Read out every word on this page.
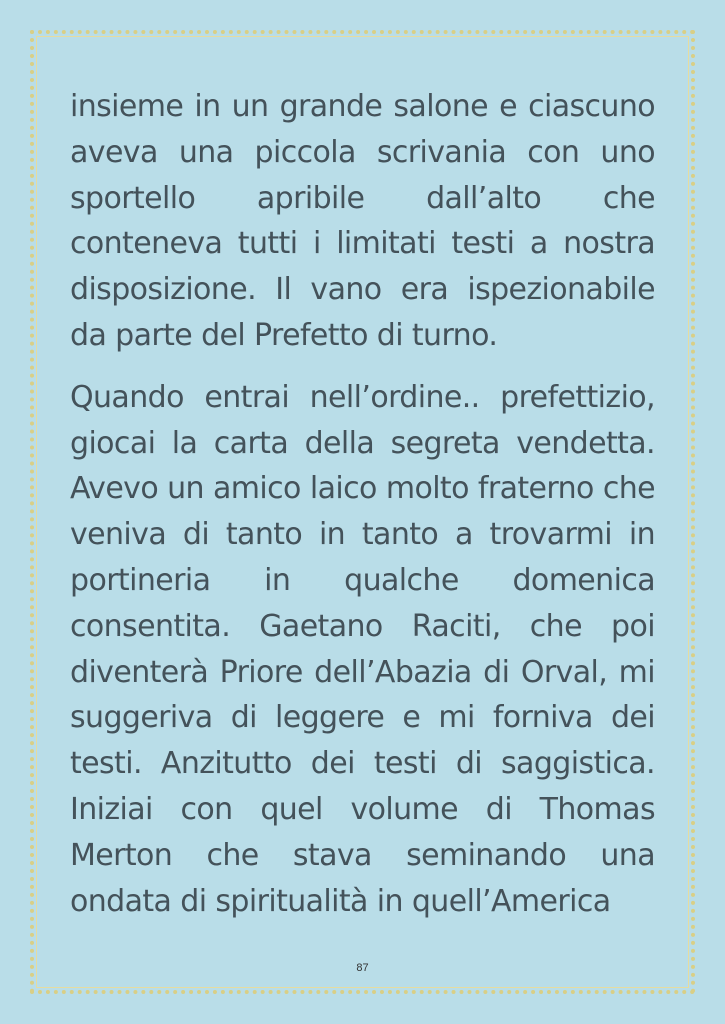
insieme in un grande salone e ciascuno aveva una piccola scrivania con uno sportello apribile dall’alto che conteneva tutti i limitati testi a nostra disposizione. Il vano era ispezionabile da parte del Prefetto di turno.

Quando entrai nell’ordine.. prefettizio, giocai la carta della segreta vendetta. Avevo un amico laico molto fraterno che veniva di tanto in tanto a trovarmi in portineria in qualche domenica consentita. Gaetano Raciti, che poi diventerà Priore dell’Abazia di Orval, mi suggeriva di leggere e mi forniva dei testi. Anzitutto dei testi di saggistica. Iniziai con quel volume di Thomas Merton che stava seminando una ondata di spiritualità in quell’America

87
